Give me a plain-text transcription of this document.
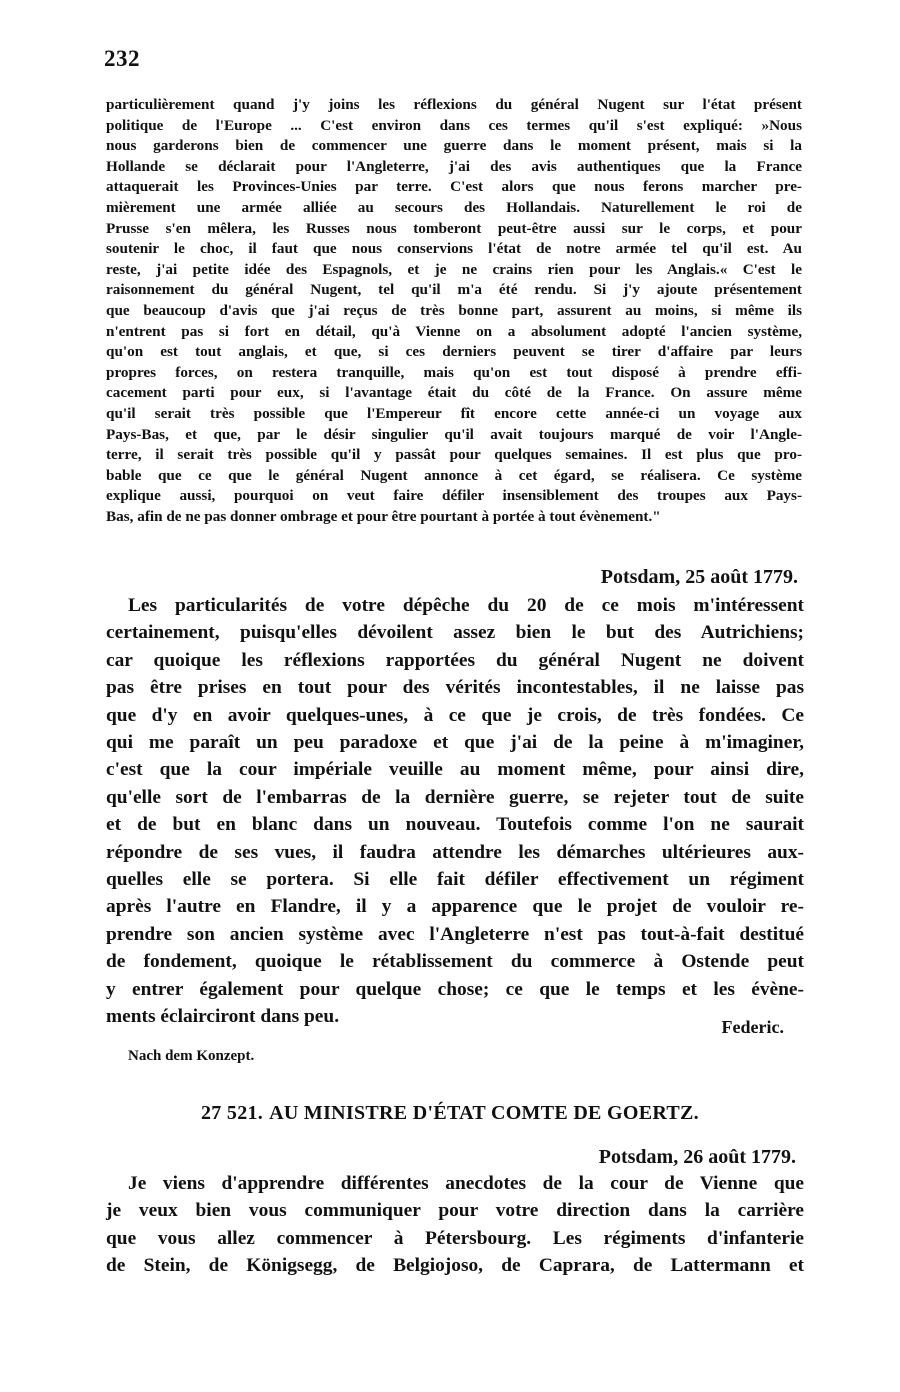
232
particulièrement quand j'y joins les réflexions du général Nugent sur l'état présent
politique de l'Europe ... C'est environ dans ces termes qu'il s'est expliqué: »Nous
nous garderons bien de commencer une guerre dans le moment présent, mais si la
Hollande se déclarait pour l'Angleterre, j'ai des avis authentiques que la France
attaquerait les Provinces-Unies par terre. C'est alors que nous ferons marcher pre-
mièrement une armée alliée au secours des Hollandais. Naturellement le roi de
Prusse s'en mêlera, les Russes nous tomberont peut-être aussi sur le corps, et pour
soutenir le choc, il faut que nous conservions l'état de notre armée tel qu'il est. Au
reste, j'ai petite idée des Espagnols, et je ne crains rien pour les Anglais.« C'est le
raisonnement du général Nugent, tel qu'il m'a été rendu. Si j'y ajoute présentement
que beaucoup d'avis que j'ai reçus de très bonne part, assurent au moins, si même ils
n'entrent pas si fort en détail, qu'à Vienne on a absolument adopté l'ancien système,
qu'on est tout anglais, et que, si ces derniers peuvent se tirer d'affaire par leurs
propres forces, on restera tranquille, mais qu'on est tout disposé à prendre effi-
cacement parti pour eux, si l'avantage était du côté de la France. On assure même
qu'il serait très possible que l'Empereur fît encore cette année-ci un voyage aux
Pays-Bas, et que, par le désir singulier qu'il avait toujours marqué de voir l'Angle-
terre, il serait très possible qu'il y passât pour quelques semaines. Il est plus que pro-
bable que ce que le général Nugent annonce à cet égard, se réalisera. Ce système
explique aussi, pourquoi on veut faire défiler insensiblement des troupes aux Pays-
Bas, afin de ne pas donner ombrage et pour être pourtant à portée à tout évènement."
Potsdam, 25 août 1779.
Les particularités de votre dépêche du 20 de ce mois m'intéressent
certainement, puisqu'elles dévoilent assez bien le but des Autrichiens;
car quoique les réflexions rapportées du général Nugent ne doivent
pas être prises en tout pour des vérités incontestables, il ne laisse pas
que d'y en avoir quelques-unes, à ce que je crois, de très fondées. Ce
qui me paraît un peu paradoxe et que j'ai de la peine à m'imaginer,
c'est que la cour impériale veuille au moment même, pour ainsi dire,
qu'elle sort de l'embarras de la dernière guerre, se rejeter tout de suite
et de but en blanc dans un nouveau. Toutefois comme l'on ne saurait
répondre de ses vues, il faudra attendre les démarches ultérieures aux-
quelles elle se portera. Si elle fait défiler effectivement un régiment
après l'autre en Flandre, il y a apparence que le projet de vouloir re-
prendre son ancien système avec l'Angleterre n'est pas tout-à-fait destitué
de fondement, quoique le rétablissement du commerce à Ostende peut
y entrer également pour quelque chose; ce que le temps et les évène-
ments éclairciront dans peu.	Federic.
Nach dem Konzept.
27 521. AU MINISTRE D'ÉTAT COMTE DE GOERTZ.
Potsdam, 26 août 1779.
Je viens d'apprendre différentes anecdotes de la cour de Vienne que
je veux bien vous communiquer pour votre direction dans la carrière
que vous allez commencer à Pétersbourg. Les régiments d'infanterie
de Stein, de Königsegg, de Belgiojoso, de Caprara, de Lattermann et
